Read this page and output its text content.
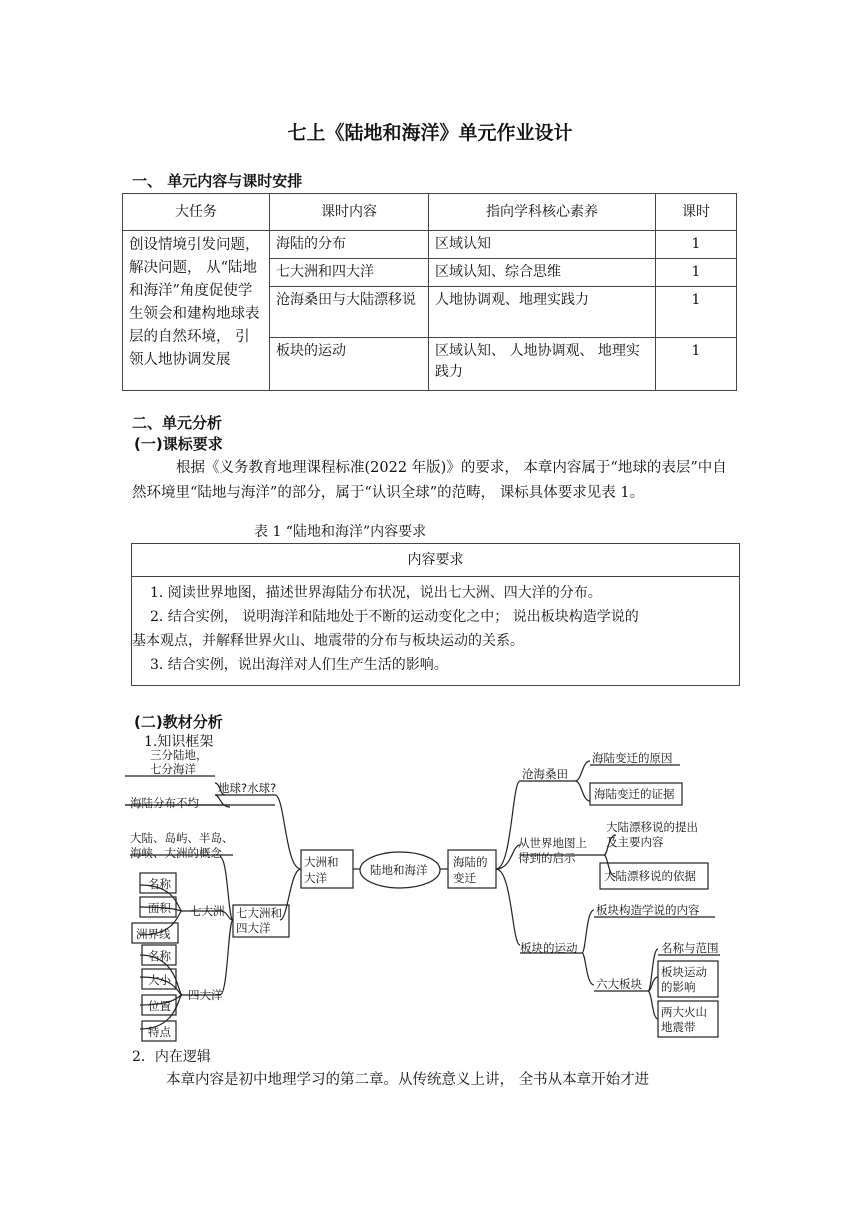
七上《陆地和海洋》单元作业设计
一、 单元内容与课时安排
大任务	课时内容	指向学科核心素养	课时
创设情境引发问题，解决问题， 从“陆地和海洋”角度促使学生领会和建构地球表层的自然环境， 引领人地协调发展	海陆的分布	区域认知	1
	七大洲和四大洋	区域认知、综合思维	1
	沧海桑田与大陆漂移说	人地协调观、地理实践力	1
	板块的运动	区域认知、 人地协调观、 地理实践力	1
二、单元分析
(一)课标要求
根据《义务教育地理课程标准(2022 年版)》的要求， 本章内容属于“地球的表层”中自然环境里“陆地与海洋”的部分，属于“认识全球”的范畴， 课标具体要求见表 1。
表 1 “陆地和海洋”内容要求
内容要求
1. 阅读世界地图，描述世界海陆分布状况，说出七大洲、四大洋的分布。
2. 结合实例， 说明海洋和陆地处于不断的运动变化之中； 说出板块构造学说的
基本观点，并解释世界火山、地震带的分布与板块运动的关系。
3. 结合实例，说出海洋对人们生产生活的影响。
(二)教材分析
1.知识框架
陆地和海洋
大洲和
大洋
海陆的
变迁
地球?水球?
三分陆地，
七分海洋
海陆分布不均
大陆、岛屿、半岛、
海峡、大洲的概念
七大洲和
四大洋
七大洲
名称
面积
洲界线
四大洋
名称
大小
位置
特点
沧海桑田
海陆变迁的原因
海陆变迁的证据
从世界地图上
得到的启示
大陆漂移说的提出
及主要内容
大陆漂移说的依据
板块的运动
板块构造学说的内容
六大板块
名称与范围
板块运动
的影响
两大火山
地震带
2．内在逻辑
本章内容是初中地理学习的第二章。从传统意义上讲， 全书从本章开始才进
